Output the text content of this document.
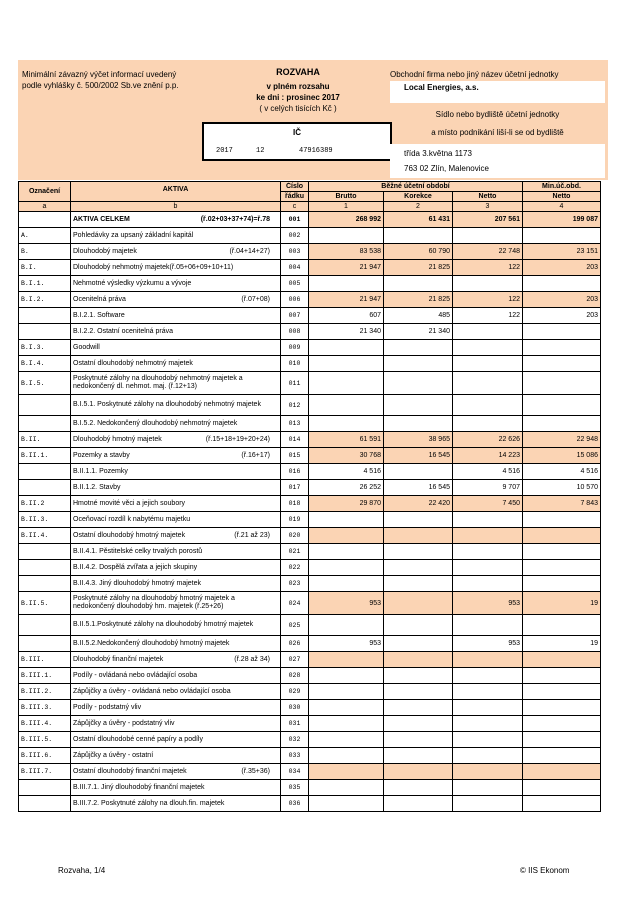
Minimální závazný výčet informací uvedený
podle vyhlášky č. 500/2002 Sb.ve znění p.p.
ROZVAHA
v plném rozsahu
ke dni : prosinec 2017
( v celých tisících Kč )
IČ
2017	12	47916389
Obchodní firma nebo jiný název účetní jednotky
Local Energies, a.s.
Sídlo nebo bydliště účetní jednotky
a místo podnikání liší-li se od bydliště
třída 3.května 1173
763 02 Zlín, Malenovice
Označení	AKTIVA	Číslo	Běžné účetní období			Min.úč.obd.
		řádku	Brutto	Korekce	Netto	Netto
a	b	c	1	2	3	4

	AKTIVA CELKEM (ř.02+03+37+74)=ř.78	001	268 992	61 431	207 561	199 087
A.	Pohledávky za upsaný základní kapitál	002				
B.	Dlouhodobý majetek (ř.04+14+27)	003	83 538	60 790	22 748	23 151
B.I.	Dlouhodobý nehmotný majetek(ř.05+06+09+10+11)	004	21 947	21 825	122	203
B.I.1.	Nehmotné výsledky výzkumu a vývoje	005				
B.I.2.	Ocenitelná práva (ř.07+08)	006	21 947	21 825	122	203
	B.I.2.1. Software	007	607	485	122	203
	B.I.2.2. Ostatní ocenitelná práva	008	21 340	21 340		
B.I.3.	Goodwill	009				
B.I.4.	Ostatní dlouhodobý nehmotný majetek	010				
B.I.5.	Poskytnuté zálohy na dlouhodobý nehmotný majetek a nedokončený dl. nehmot. maj. (ř.12+13)	011				
	B.I.5.1. Poskytnuté zálohy na dlouhodobý nehmotný majetek	012				
	B.I.5.2. Nedokončený dlouhodobý nehmotný majetek	013				
B.II.	Dlouhodobý hmotný majetek (ř.15+18+19+20+24)	014	61 591	38 965	22 626	22 948
B.II.1.	Pozemky a stavby (ř.16+17)	015	30 768	16 545	14 223	15 086
	B.II.1.1. Pozemky	016	4 516		4 516	4 516
	B.II.1.2. Stavby	017	26 252	16 545	9 707	10 570
B.II.2	Hmotné movité věci a jejich soubory	018	29 870	22 420	7 450	7 843
B.II.3.	Oceňovací rozdíl k nabytému majetku	019				
B.II.4.	Ostatní dlouhodobý hmotný majetek (ř.21 až 23)	020				
	B.II.4.1. Pěstitelské celky trvalých porostů	021				
	B.II.4.2. Dospělá zvířata a jejich skupiny	022				
	B.II.4.3. Jiný dlouhodobý hmotný majetek	023				
B.II.5.	Poskytnuté zálohy na dlouhodobý hmotný majetek a nedokončený dlouhodobý hm. majetek (ř.25+26)	024	953		953	19
	B.II.5.1.Poskytnuté zálohy na dlouhodobý hmotný majetek	025				
	B.II.5.2.Nedokončený dlouhodobý hmotný majetek	026	953		953	19
B.III.	Dlouhodobý finanční majetek (ř.28 až 34)	027				
B.III.1.	Podíly - ovládaná nebo ovládající osoba	028				
B.III.2.	Zápůjčky a úvěry - ovládaná nebo ovládající osoba	029				
B.III.3.	Podíly - podstatný vliv	030				
B.III.4.	Zápůjčky a úvěry - podstatný vliv	031				
B.III.5.	Ostatní dlouhodobé cenné papíry a podíly	032				
B.III.6.	Zápůjčky a úvěry - ostatní	033				
B.III.7.	Ostatní dlouhodobý finanční majetek (ř.35+36)	034				
	B.III.7.1. Jiný dlouhodobý finanční majetek	035				
	B.III.7.2. Poskytnuté zálohy na dlouh.fin. majetek	036				
Rozvaha, 1/4	© IIS Ekonom
